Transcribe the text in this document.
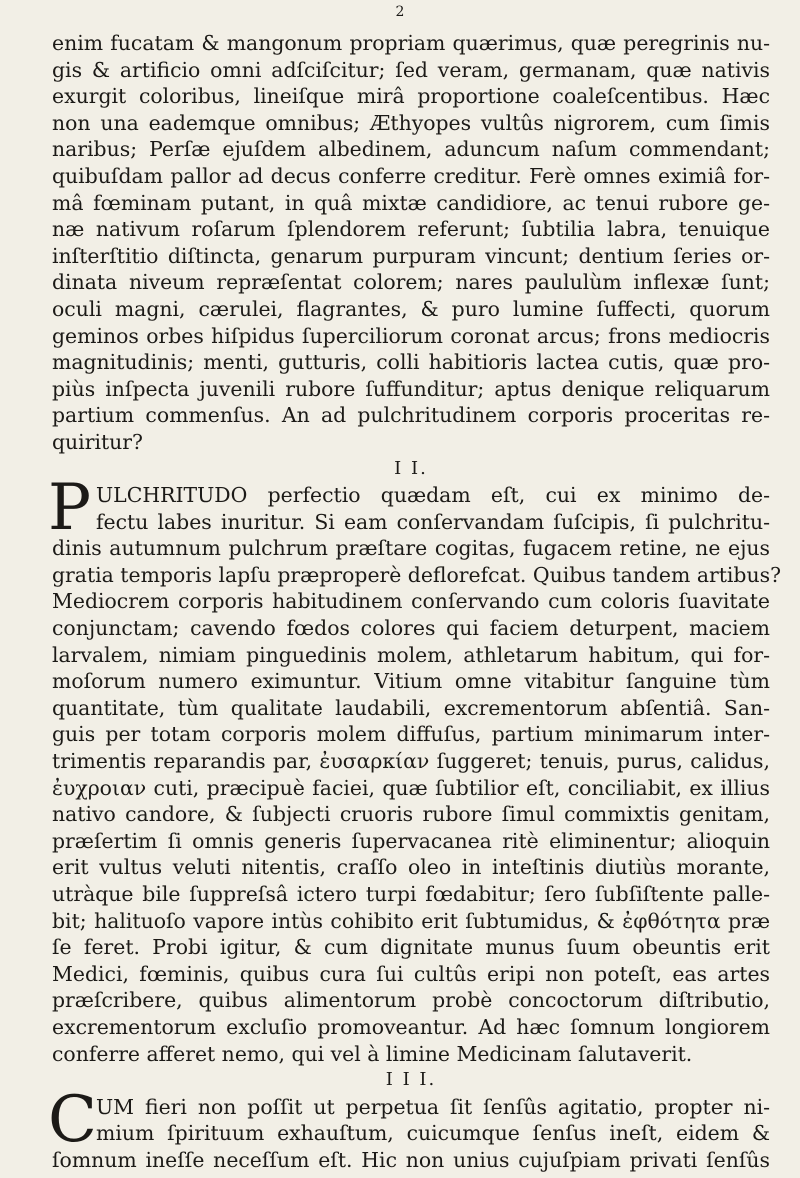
2
enim fucatam & mangonum propriam quærimus, quæ peregrinis nu-
gis & artificio omni adſciſcitur; ſed veram, germanam, quæ nativis
exurgit coloribus, lineiſque mirâ proportione coaleſcentibus. Hæc
non una eademque omnibus; Æthyopes vultûs nigrorem, cum ſimis
naribus; Perſæ ejuſdem albedinem, aduncum naſum commendant;
quibuſdam pallor ad decus conferre creditur. Ferè omnes eximiâ for-
mâ fœminam putant, in quâ mixtæ candidiore, ac tenui rubore ge-
næ nativum roſarum ſplendorem referunt; ſubtilia labra, tenuique
inſterſtitio diſtincta, genarum purpuram vincunt; dentium ſeries or-
dinata niveum repræſentat colorem; nares paululùm inflexæ ſunt;
oculi magni, cærulei, flagrantes, & puro lumine ſuffecti, quorum
geminos orbes hiſpidus ſuperciliorum coronat arcus; frons mediocris
magnitudinis; menti, gutturis, colli habitioris lactea cutis, quæ pro-
piùs inſpecta juvenili rubore ſuffunditur; aptus denique reliquarum
partium commenſus. An ad pulchritudinem corporis proceritas re-
quiritur?
I I.
P ULCHRITUDO perfectio quædam eſt, cui ex minimo de-
fectu labes inuritur. Si eam conſervandam ſuſcipis, ſi pulchritu-
dinis autumnum pulchrum præſtare cogitas, fugacem retine, ne ejus
gratia temporis lapſu præproperè deflorefcat. Quibus tandem artibus?
Mediocrem corporis habitudinem conſervando cum coloris ſuavitate
conjunctam; cavendo fœdos colores qui faciem deturpent, maciem
larvalem, nimiam pinguedinis molem, athletarum habitum, qui for-
moſorum numero eximuntur. Vitium omne vitabitur ſanguine tùm
quantitate, tùm qualitate laudabili, excrementorum abſentiâ. San-
guis per totam corporis molem diffuſus, partium minimarum inter-
trimentis reparandis par, ἐυσαρκίαν ſuggeret; tenuis, purus, calidus,
ἐυχροιαν cuti, præcipuè faciei, quæ ſubtilior eſt, conciliabit, ex illius
nativo candore, & ſubjecti cruoris rubore ſimul commixtis genitam,
præſertim ſi omnis generis ſupervacanea ritè eliminentur; alioquin
erit vultus veluti nitentis, craſſo oleo in inteſtinis diutiùs morante,
utràque bile ſuppreſsâ ictero turpi fœdabitur; ſero ſubſiſtente palle-
bit; halituoſo vapore intùs cohibito erit ſubtumidus, & ἐφθότητα præ
ſe feret. Probi igitur, & cum dignitate munus ſuum obeuntis erit
Medici, fœminis, quibus cura ſui cultûs eripi non poteſt, eas artes
præſcribere, quibus alimentorum probè concoctorum diſtributio,
excrementorum excluſio promoveantur. Ad hæc ſomnum longiorem
conferre afferet nemo, qui vel à limine Medicinam ſalutaverit.
I I I.
C UM fieri non poſſit ut perpetua ſit ſenſûs agitatio, propter ni-
mium ſpirituum exhauſtum, cuicumque ſenſus ineſt, eidem &
ſomnum ineſſe neceſſum eſt. Hic non unius cujuſpiam privati ſenſûs
